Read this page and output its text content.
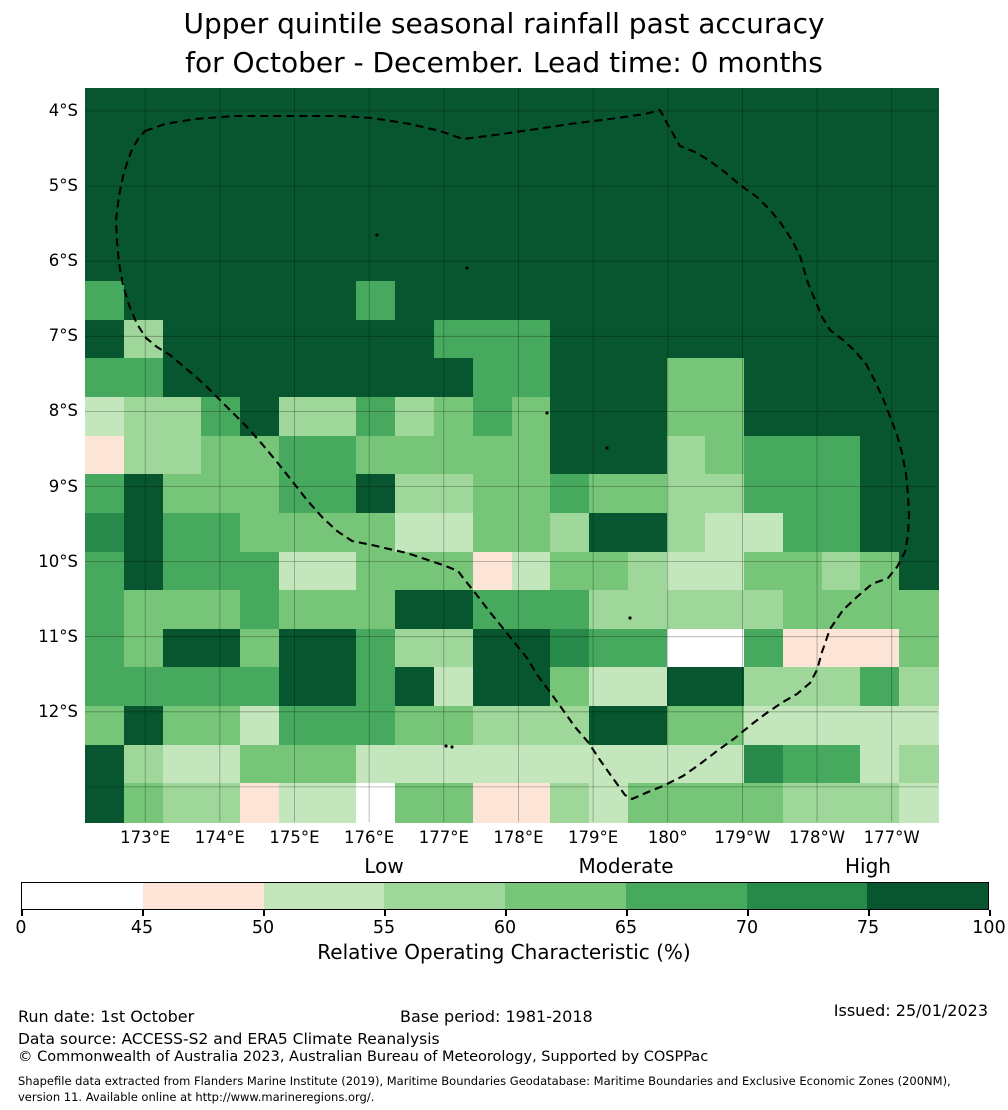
Upper quintile seasonal rainfall past accuracy
for October - December. Lead time: 0 months
4°S
5°S
6°S
7°S
8°S
9°S
10°S
11°S
12°S
173°E	174°E	175°E	176°E	177°E	178°E	179°E	180°	179°W	178°W	177°W
0	45	50	55	60	65	70	75	100
Low	Moderate	High
Relative Operating Characteristic (%)
Run date: 1st October	Base period: 1981-2018	Issued: 25/01/2023
Data source: ACCESS-S2 and ERA5 Climate Reanalysis
© Commonwealth of Australia 2023, Australian Bureau of Meteorology, Supported by COSPPac
Shapefile data extracted from Flanders Marine Institute (2019), Maritime Boundaries Geodatabase: Maritime Boundaries and Exclusive Economic Zones (200NM),
version 11. Available online at http://www.marineregions.org/.
